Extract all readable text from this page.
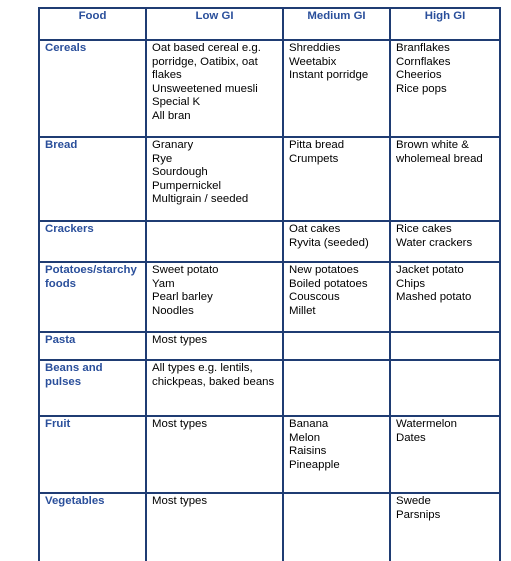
Food	Low GI	Medium GI	High GI
Cereals	Oat based cereal e.g. porridge, Oatibix, oat flakes
Unsweetened muesli
Special K
All bran	Shreddies
Weetabix
Instant porridge	Branflakes
Cornflakes
Cheerios
Rice pops

Bread	Granary
Rye
Sourdough
Pumpernickel
Multigrain / seeded	Pitta bread
Crumpets	Brown white & wholemeal bread

Crackers		Oat cakes
Ryvita (seeded)	Rice cakes
Water crackers

Potatoes/starchy foods	Sweet potato
Yam
Pearl barley
Noodles	New potatoes
Boiled potatoes
Couscous
Millet	Jacket potato
Chips
Mashed potato

Pasta	Most types		

Beans and pulses	All types e.g. lentils, chickpeas, baked beans		

Fruit	Most types	Banana
Melon
Raisins
Pineapple	Watermelon
Dates

Vegetables	Most types		Swede
Parsnips
